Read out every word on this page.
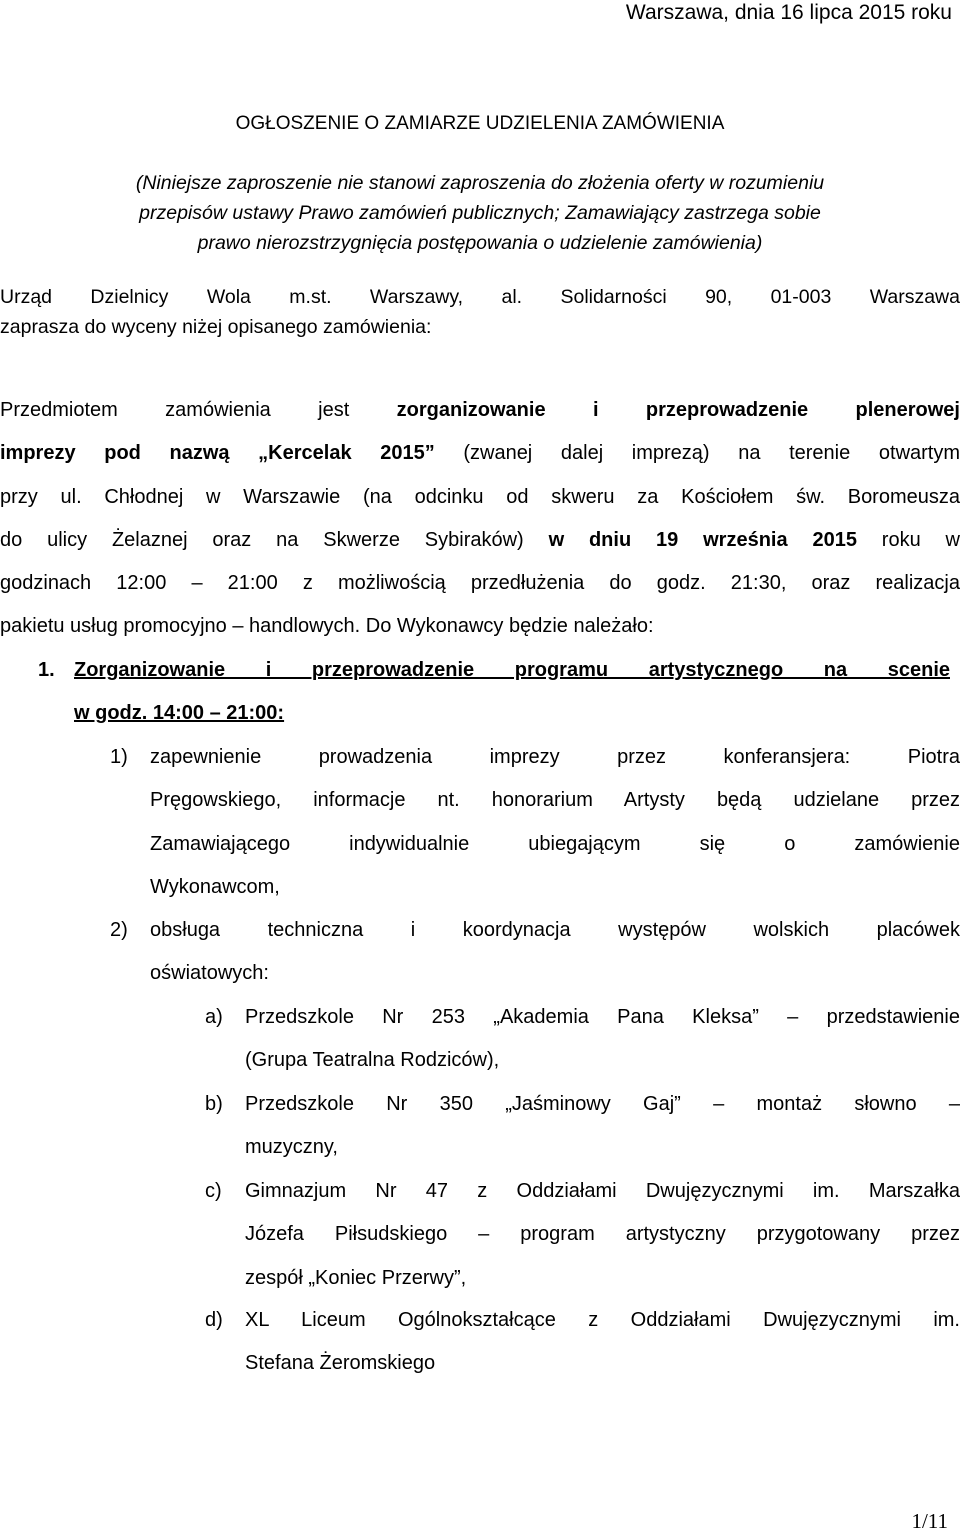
Warszawa, dnia 16 lipca 2015 roku
OGŁOSZENIE O ZAMIARZE UDZIELENIA ZAMÓWIENIA
(Niniejsze zaproszenie nie stanowi zaproszenia do złożenia oferty w rozumieniu
przepisów ustawy Prawo zamówień publicznych; Zamawiający zastrzega sobie
prawo nierozstrzygnięcia postępowania o udzielenie zamówienia)
Urząd Dzielnicy Wola m.st. Warszawy, al. Solidarności 90, 01-003 Warszawa
zaprasza do wyceny niżej opisanego zamówienia:
Przedmiotem zamówienia jest zorganizowanie i przeprowadzenie plenerowej
imprezy pod nazwą „Kercelak 2015” (zwanej dalej imprezą) na terenie otwartym
przy ul. Chłodnej w Warszawie (na odcinku od skweru za Kościołem św. Boromeusza
do ulicy Żelaznej oraz na Skwerze Sybiraków) w dniu 19 września 2015 roku w
godzinach 12:00 – 21:00 z możliwością przedłużenia do godz. 21:30, oraz realizacja
pakietu usług promocyjno – handlowych. Do Wykonawcy będzie należało:
1. Zorganizowanie i przeprowadzenie programu artystycznego na scenie
w godz. 14:00 – 21:00:
1) zapewnienie prowadzenia imprezy przez konferansjera: Piotra
Pręgowskiego, informacje nt. honorarium Artysty będą udzielane przez
Zamawiającego indywidualnie ubiegającym się o zamówienie
Wykonawcom,
2) obsługa techniczna i koordynacja występów wolskich placówek
oświatowych:
a) Przedszkole Nr 253 „Akademia Pana Kleksa” – przedstawienie
(Grupa Teatralna Rodziców),
b) Przedszkole Nr 350 „Jaśminowy Gaj” – montaż słowno –
muzyczny,
c) Gimnazjum Nr 47 z Oddziałami Dwujęzycznymi im. Marszałka
Józefa Piłsudskiego – program artystyczny przygotowany przez
zespół „Koniec Przerwy”,
d) XL Liceum Ogólnokształcące z Oddziałami Dwujęzycznymi im.
Stefana Żeromskiego
1/11
